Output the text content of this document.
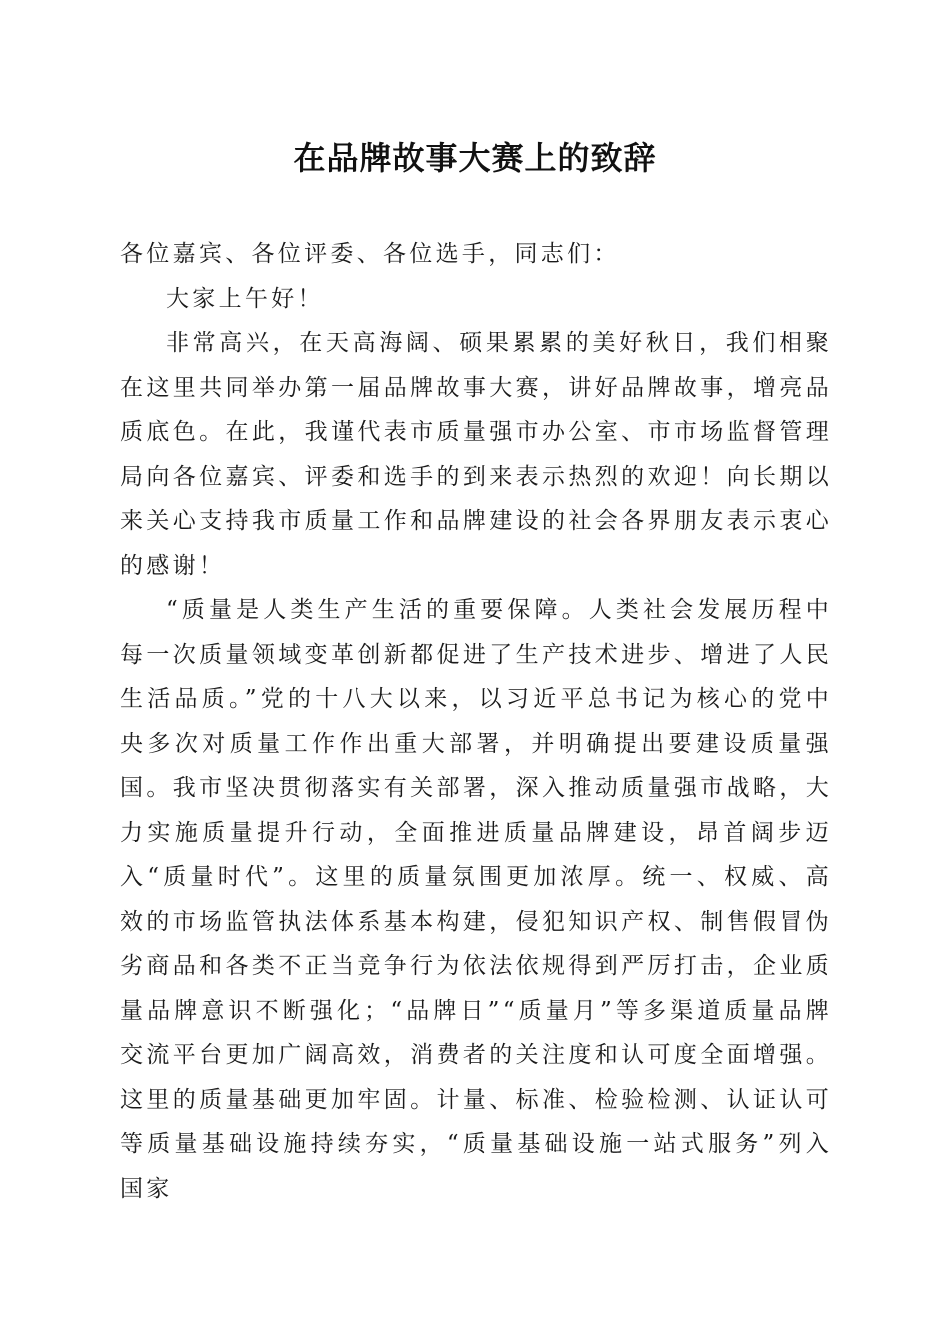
在品牌故事大赛上的致辞

各位嘉宾、各位评委、各位选手，同志们：

大家上午好！

非常高兴，在天高海阔、硕果累累的美好秋日，我们相聚在这里共同举办第一届品牌故事大赛，讲好品牌故事，增亮品质底色。在此，我谨代表市质量强市办公室、市市场监督管理局向各位嘉宾、评委和选手的到来表示热烈的欢迎！向长期以来关心支持我市质量工作和品牌建设的社会各界朋友表示衷心的感谢！

“质量是人类生产生活的重要保障。人类社会发展历程中每一次质量领域变革创新都促进了生产技术进步、增进了人民生活品质。”党的十八大以来，以习近平总书记为核心的党中央多次对质量工作作出重大部署，并明确提出要建设质量强国。我市坚决贯彻落实有关部署，深入推动质量强市战略，大力实施质量提升行动，全面推进质量品牌建设，昂首阔步迈入“质量时代”。这里的质量氛围更加浓厚。统一、权威、高效的市场监管执法体系基本构建，侵犯知识产权、制售假冒伪劣商品和各类不正当竞争行为依法依规得到严厉打击，企业质量品牌意识不断强化；“品牌日”“质量月”等多渠道质量品牌交流平台更加广阔高效，消费者的关注度和认可度全面增强。这里的质量基础更加牢固。计量、标准、检验检测、认证认可等质量基础设施持续夯实，“质量基础设施一站式服务”列入国家
